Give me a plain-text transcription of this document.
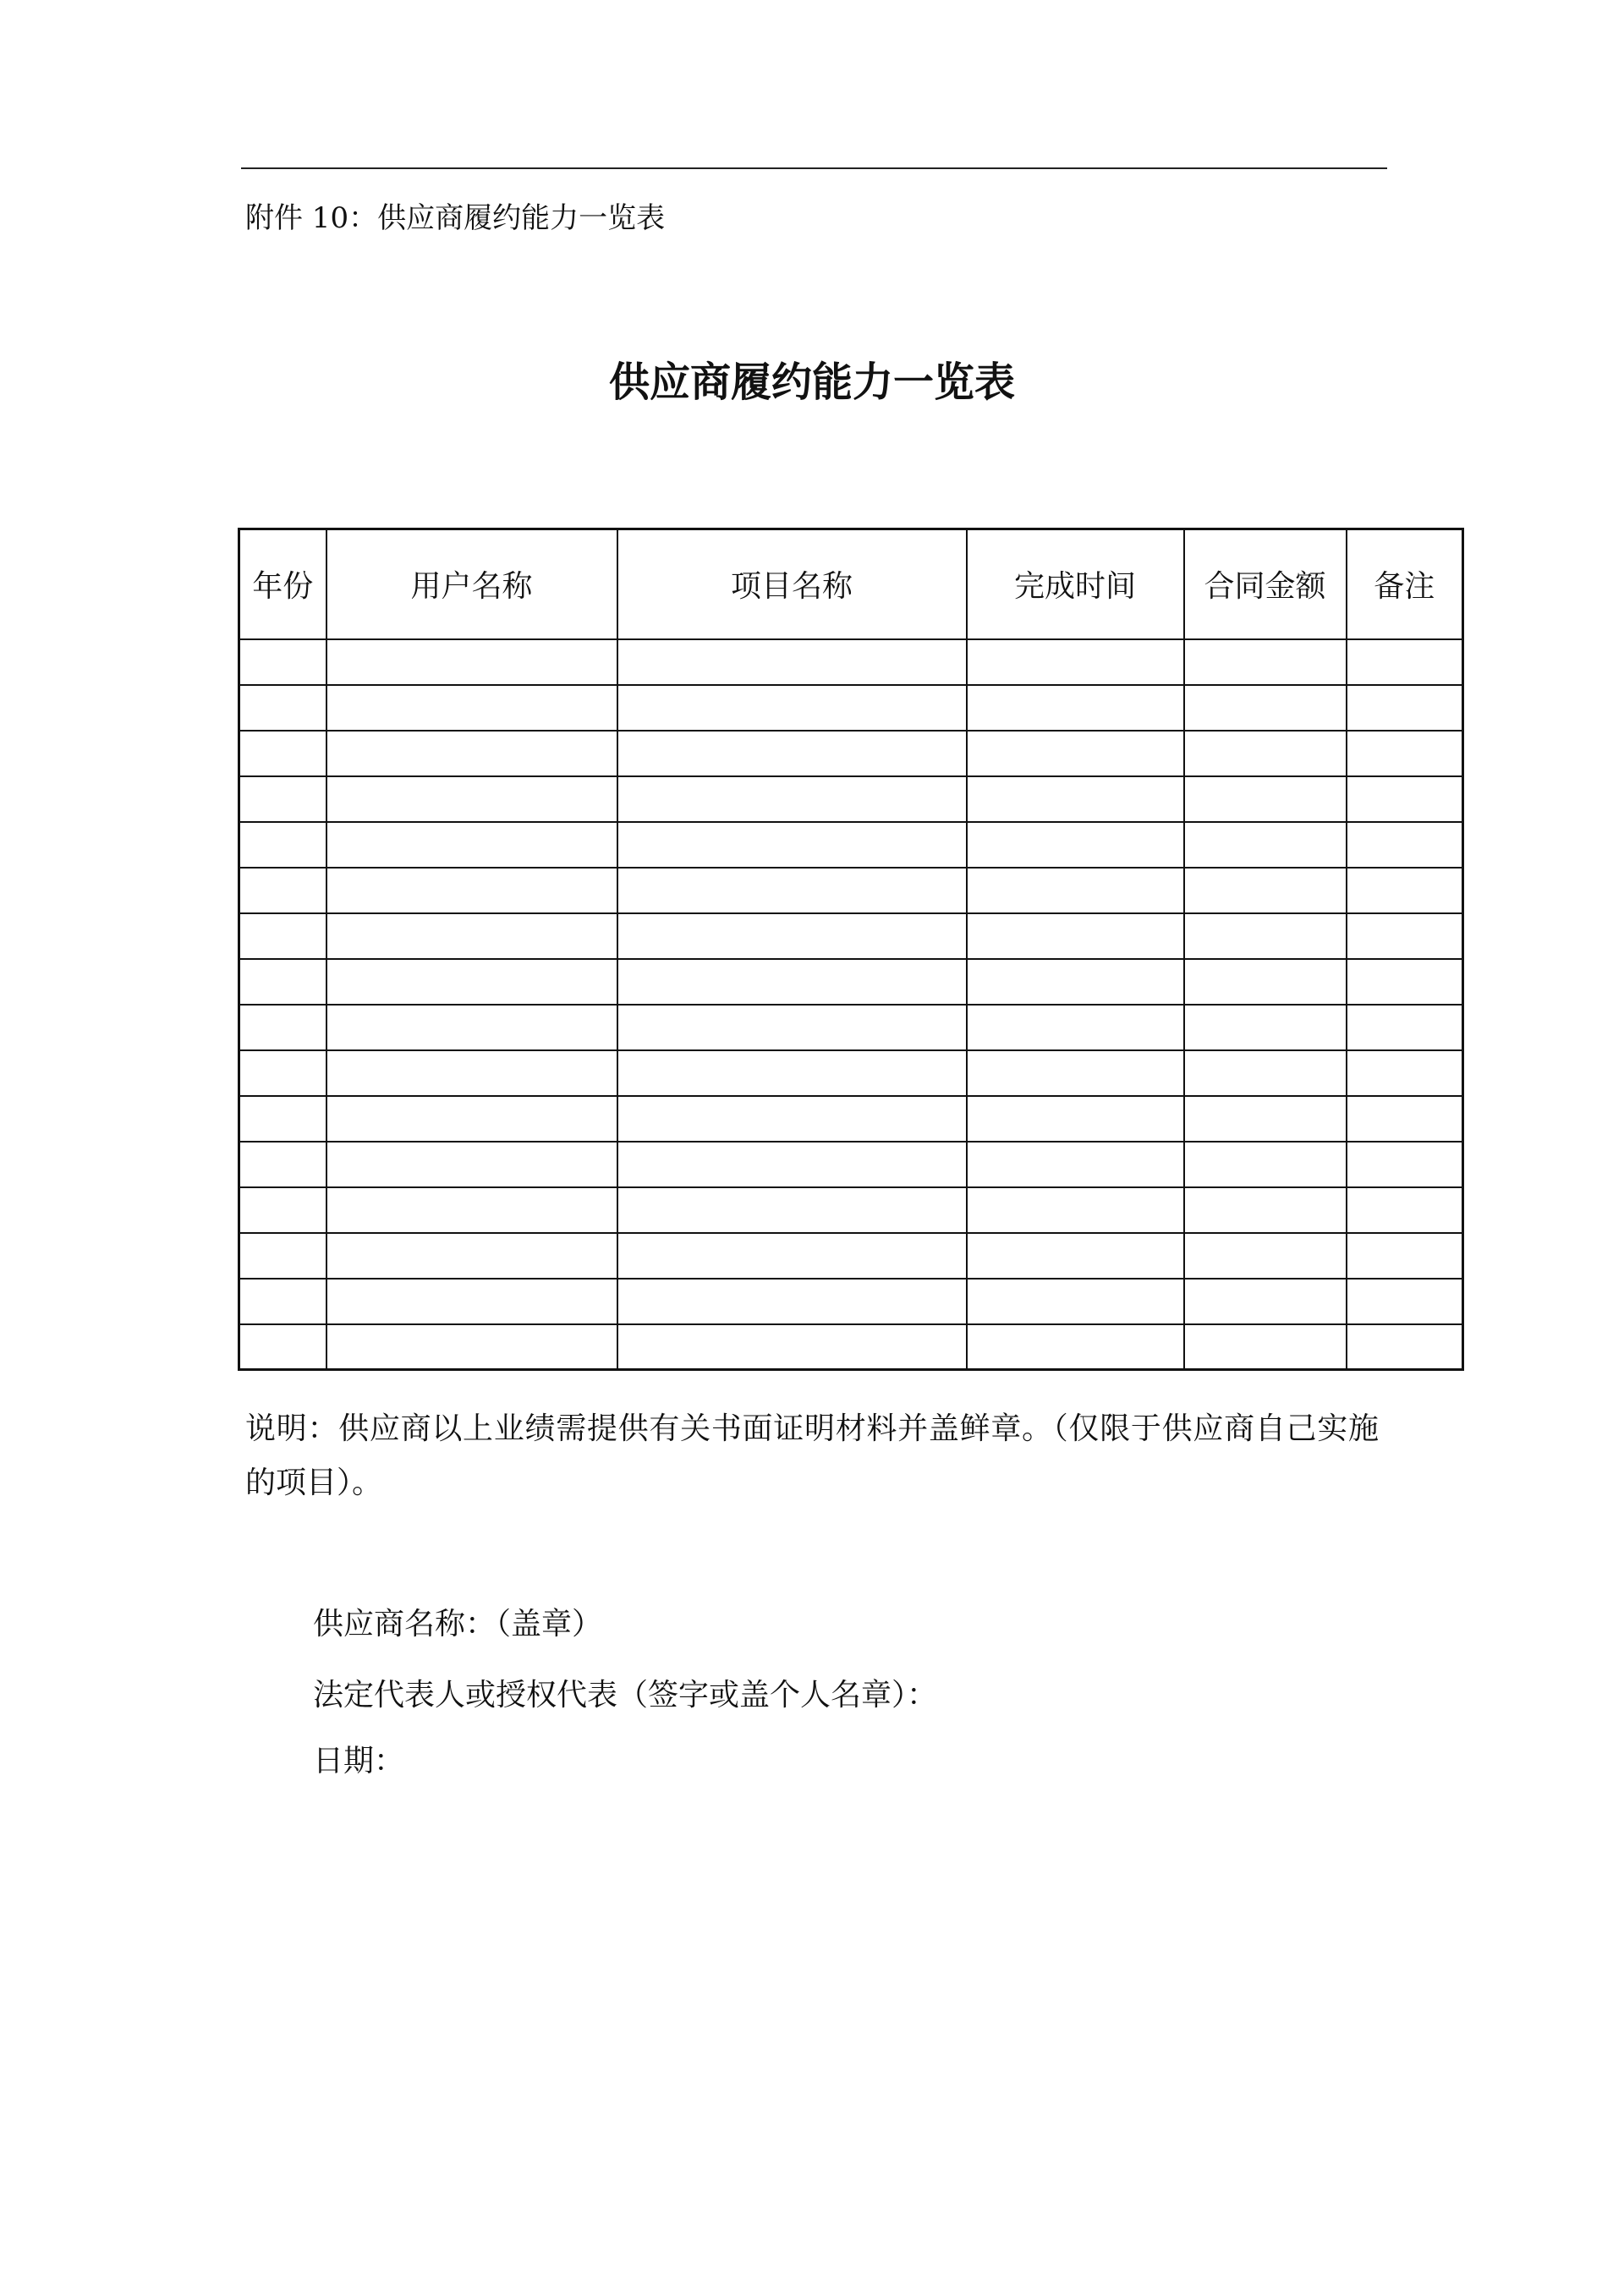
附件 10：供应商履约能力一览表
供应商履约能力一览表
年份	用户名称	项目名称	完成时间	合同金额	备注

说明：供应商以上业绩需提供有关书面证明材料并盖鲜章。（仅限于供应商自己实施的项目）。
供应商名称：（盖章）
法定代表人或授权代表（签字或盖个人名章）：
日期：
